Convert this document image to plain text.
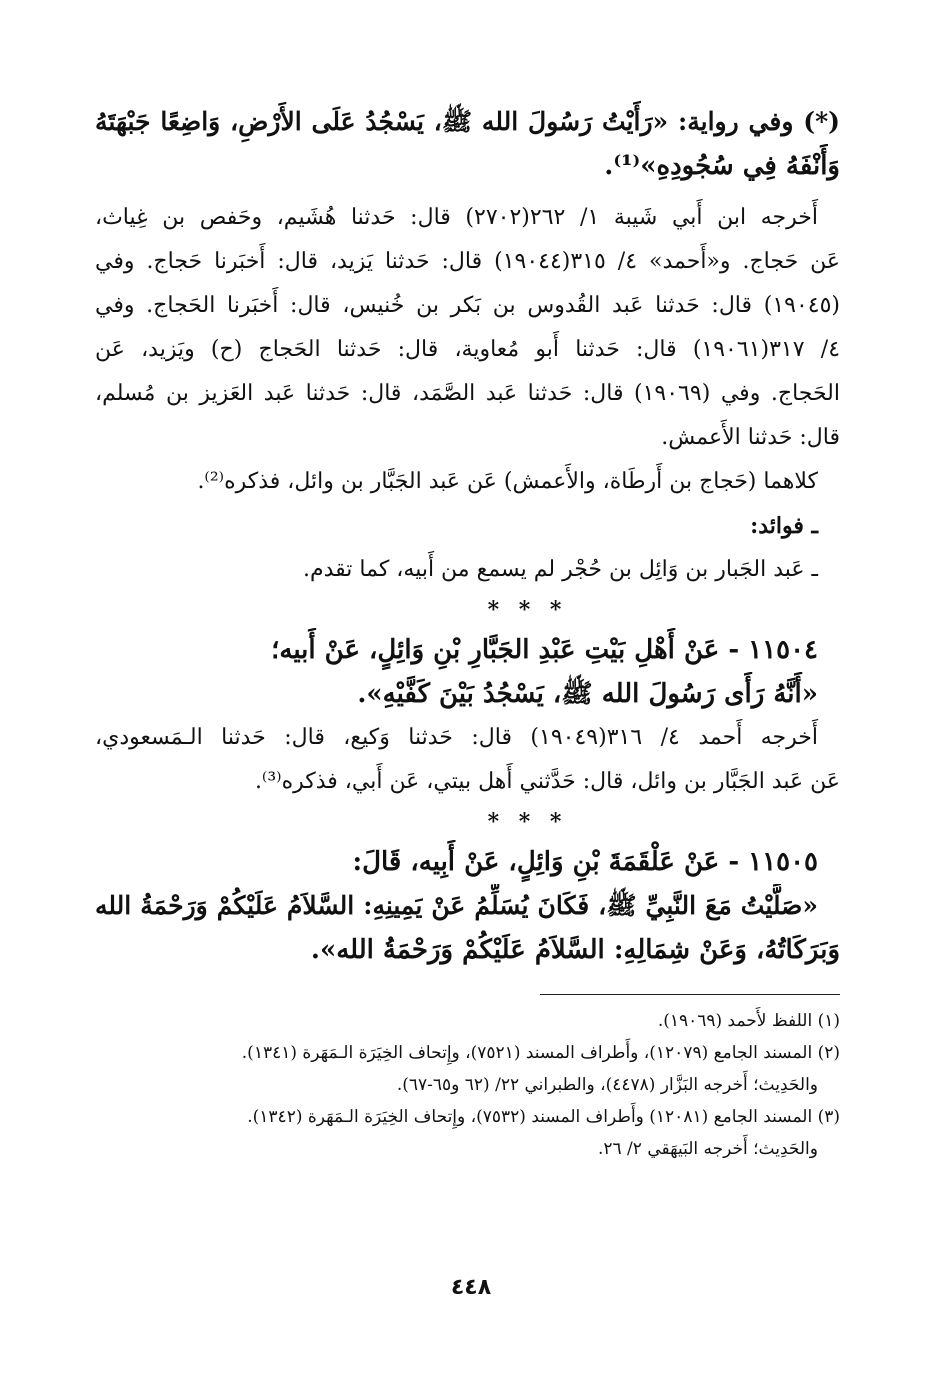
(*) وفي رواية: «رَأَيْتُ رَسُولَ الله ﷺ، يَسْجُدُ عَلَى الأَرْضِ، وَاضِعًا جَبْهَتَهُ
وَأَنْفَهُ فِي سُجُودِهِ»⁽¹⁾.
أَخرجه ابن أَبي شَيبة ١/ ٢٦٢(٢٧٠٢) قال: حَدثنا هُشَيم، وحَفص بن غِياث،
عَن حَجاج. و«أَحمد» ٤/ ٣١٥(١٩٠٤٤) قال: حَدثنا يَزيد، قال: أَخبَرنا حَجاج. وفي
(١٩٠٤٥) قال: حَدثنا عَبد القُدوس بن بَكر بن خُنيس، قال: أَخبَرنا الحَجاج. وفي
٤/ ٣١٧(١٩٠٦١) قال: حَدثنا أَبو مُعاوية، قال: حَدثنا الحَجاج (ح) ويَزيد، عَن
الحَجاج. وفي (١٩٠٦٩) قال: حَدثنا عَبد الصَّمَد، قال: حَدثنا عَبد العَزيز بن مُسلم،
قال: حَدثنا الأَعمش.
كلاهما (حَجاج بن أَرطَاة، والأَعمش) عَن عَبد الجَبَّار بن وائل، فذكره⁽²⁾.
ـ فوائد:
ـ عَبد الجَبار بن وَائِل بن حُجْر لم يسمع من أَبيه، كما تقدم.
* * *
١١٥٠٤ - عَنْ أَهْلِ بَيْتِ عَبْدِ الجَبَّارِ بْنِ وَائِلٍ، عَنْ أَبيه؛
«أَنَّهُ رَأَى رَسُولَ الله ﷺ، يَسْجُدُ بَيْنَ كَفَّيْهِ».
أَخرجه أَحمد ٤/ ٣١٦(١٩٠٤٩) قال: حَدثنا وَكيع، قال: حَدثنا الـمَسعودي،
عَن عَبد الجَبَّار بن وائل، قال: حَدَّثني أَهل بيتي، عَن أَبي، فذكره⁽³⁾.
* * *
١١٥٠٥ - عَنْ عَلْقَمَةَ بْنِ وَائِلٍ، عَنْ أَبِيه، قَالَ:
«صَلَّيْتُ مَعَ النَّبِيِّ ﷺ، فَكَانَ يُسَلِّمُ عَنْ يَمِينِهِ: السَّلاَمُ عَلَيْكُمْ وَرَحْمَةُ الله
وَبَرَكَاتُهُ، وَعَنْ شِمَالِهِ: السَّلاَمُ عَلَيْكُمْ وَرَحْمَةُ الله».
(١) اللفظ لأَحمد (١٩٠٦٩).
(٢) المسند الجامع (١٢٠٧٩)، وأَطراف المسند (٧٥٢١)، وإِتحاف الخِيَرَة الـمَهَرة (١٣٤١).
والحَدِيث؛ أَخرجه البَزَّار (٤٤٧٨)، والطبراني ٢٢/ (٦٢ و٦٥-٦٧).
(٣) المسند الجامع (١٢٠٨١) وأَطراف المسند (٧٥٣٢)، وإِتحاف الخِيَرَة الـمَهَرة (١٣٤٢).
والحَدِيث؛ أَخرجه البَيهَقي ٢/ ٢٦.
٤٤٨
